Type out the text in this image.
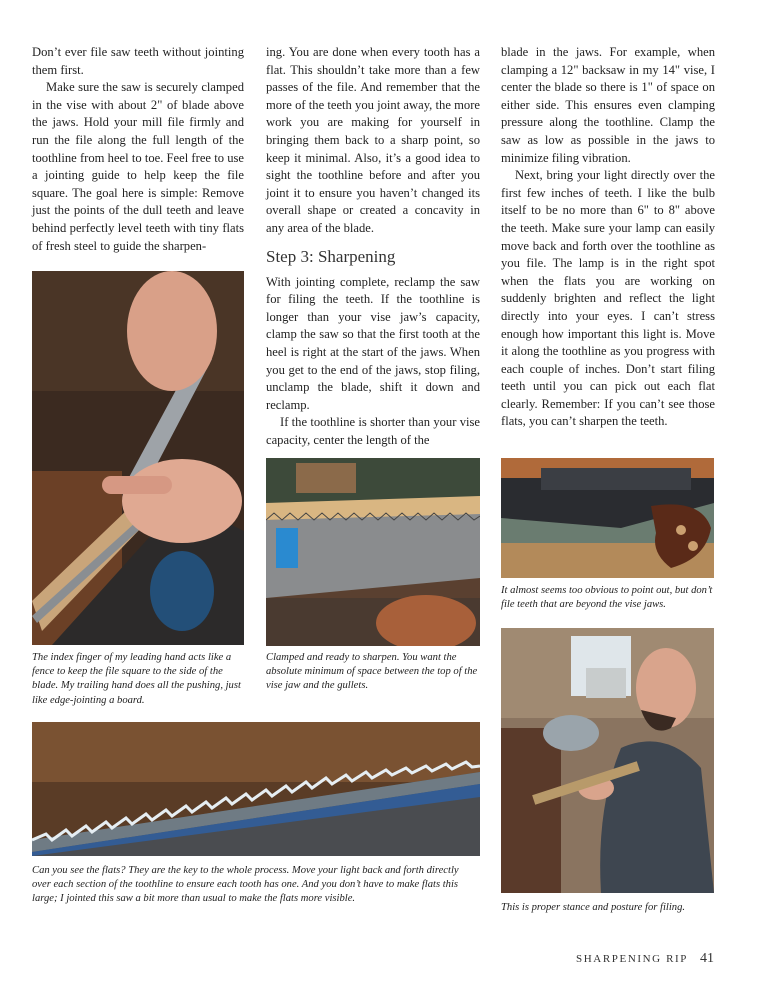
Don’t ever file saw teeth without jointing them first.

Make sure the saw is securely clamped in the vise with about 2" of blade above the jaws. Hold your mill file firmly and run the file along the full length of the toothline from heel to toe. Feel free to use a jointing guide to help keep the file square. The goal here is simple: Remove just the points of the dull teeth and leave behind perfectly level teeth with tiny flats of fresh steel to guide the sharpen-

ing. You are done when every tooth has a flat. This shouldn’t take more than a few passes of the file. And remember that the more of the teeth you joint away, the more work you are making for yourself in bringing them back to a sharp point, so keep it minimal. Also, it’s a good idea to sight the toothline before and after you joint it to ensure you haven’t changed its overall shape or created a concavity in any area of the blade.

Step 3: Sharpening

With jointing complete, reclamp the saw for filing the teeth. If the toothline is longer than your vise jaw’s capacity, clamp the saw so that the first tooth at the heel is right at the start of the jaws. When you get to the end of the jaws, stop filing, unclamp the blade, shift it down and reclamp.

If the toothline is shorter than your vise capacity, center the length of the

blade in the jaws. For example, when clamping a 12" backsaw in my 14" vise, I center the blade so there is 1" of space on either side. This ensures even clamping pressure along the toothline. Clamp the saw as low as possible in the jaws to minimize filing vibration.

Next, bring your light directly over the first few inches of teeth. I like the bulb itself to be no more than 6" to 8" above the teeth. Make sure your lamp can easily move back and forth over the toothline as you file. The lamp is in the right spot when the flats you are working on suddenly brighten and reflect the light directly into your eyes. I can’t stress enough how important this light is. Move it along the toothline as you progress with each couple of inches. Don’t start filing teeth until you can pick out each flat clearly. Remember: If you can’t see those flats, you can’t sharpen the teeth.

The index finger of my leading hand acts like a fence to keep the file square to the side of the blade. My trailing hand does all the pushing, just like edge-jointing a board.
Clamped and ready to sharpen. You want the absolute minimum of space between the top of the vise jaw and the gullets.
It almost seems too obvious to point out, but don’t file teeth that are beyond the vise jaws.
Can you see the flats? They are the key to the whole process. Move your light back and forth directly over each section of the toothline to ensure each tooth has one. And you don’t have to make flats this large; I jointed this saw a bit more than usual to make the flats more visible.
This is proper stance and posture for filing.
SHARPENING RIP 41
